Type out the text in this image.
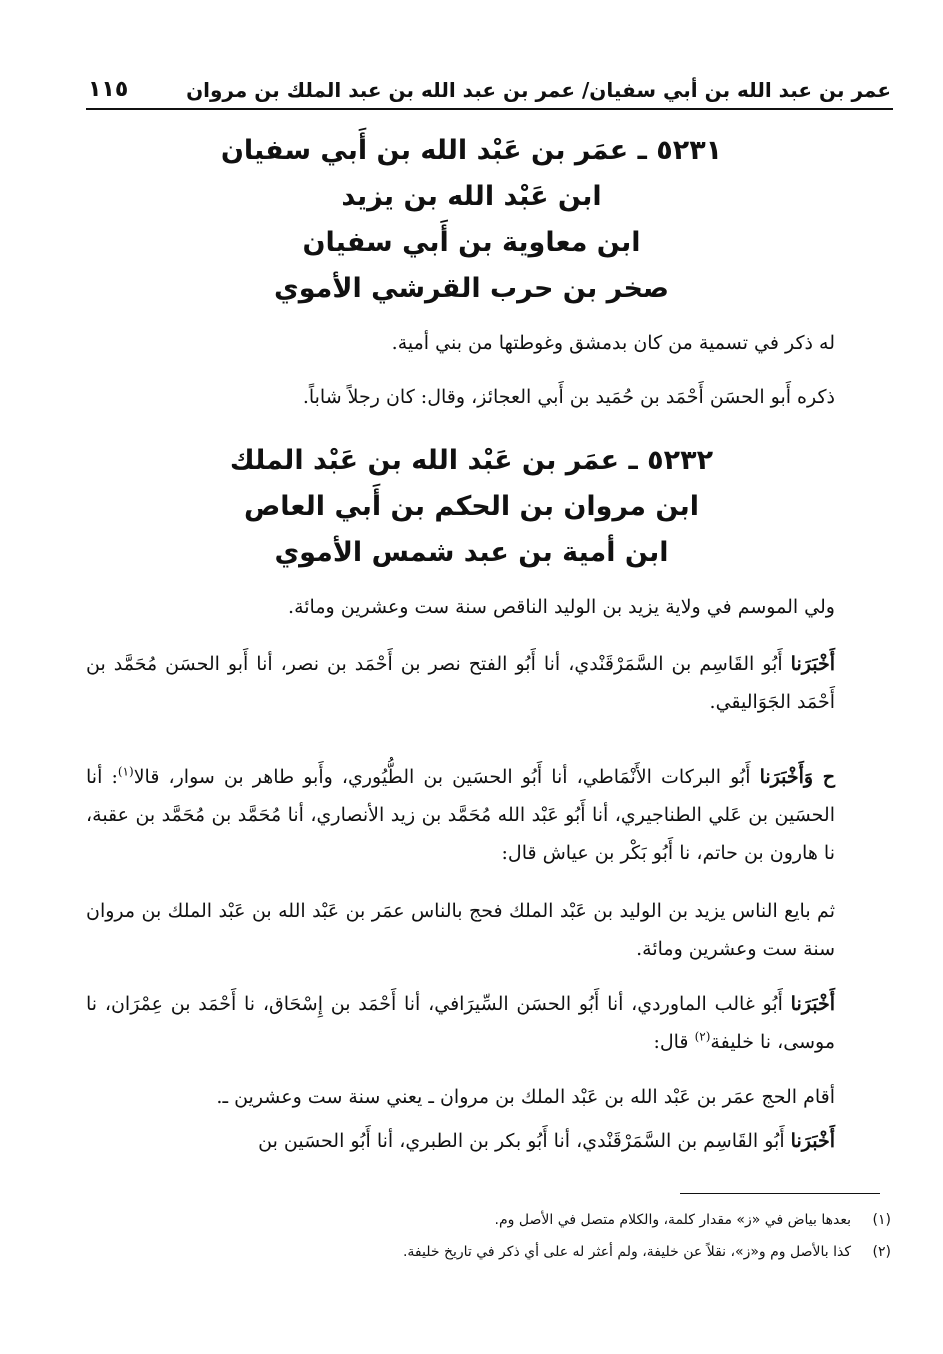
عمر بن عبد الله بن أبي سفيان/ عمر بن عبد الله بن عبد الملك بن مروان
١١٥
٥٢٣١ ـ عمَر بن عَبْد الله بن أَبي سفيان
ابن عَبْد الله بن يزيد
ابن معاوية بن أَبي سفيان
صخر بن حرب القرشي الأموي
له ذكر في تسمية من كان بدمشق وغوطتها من بني أمية.
ذكره أَبو الحسَن أَحْمَد بن حُمَيد بن أَبي العجائز، وقال: كان رجلاً شاباً.
٥٢٣٢ ـ عمَر بن عَبْد الله بن عَبْد الملك
ابن مروان بن الحكم بن أَبي العاص
ابن أمية بن عبد شمس الأموي
ولي الموسم في ولاية يزيد بن الوليد الناقص سنة ست وعشرين ومائة.
أَخْبَرَنا أَبُو القَاسِم بن السَّمَرْقَنْدي، أنا أَبُو الفتح نصر بن أَحْمَد بن نصر، أنا أَبو الحسَن مُحَمَّد بن أَحْمَد الجَوَاليقي.
ح وَأَخْبَرَنا أَبُو البركات الأَنْمَاطي، أنا أَبُو الحسَين بن الطُّيُوري، وأَبو طاهر بن سوار، قالا$^{(١)}$: أنا الحسَين بن عَلي الطناجيري، أنا أَبُو عَبْد الله مُحَمَّد بن زيد الأنصاري، أنا مُحَمَّد بن مُحَمَّد بن عقبة، نا هارون بن حاتم، نا أَبُو بَكْر بن عياش قال:
ثم بايع الناس يزيد بن الوليد بن عَبْد الملك فحج بالناس عمَر بن عَبْد الله بن عَبْد الملك بن مروان سنة ست وعشرين ومائة.
أَخْبَرَنا أَبُو غالب الماوردي، أنا أَبُو الحسَن السِّيرَافي، أنا أَحْمَد بن إِسْحَاق، نا أَحْمَد بن عِمْرَان، نا موسى، نا خليفة$^{(٢)}$ قال:
أقام الحج عمَر بن عَبْد الله بن عَبْد الملك بن مروان ـ يعني سنة ست وعشرين ـ.
أَخْبَرَنا أَبُو القَاسِم بن السَّمَرْقَنْدي، أنا أَبُو بكر بن الطبري، أنا أَبُو الحسَين بن
(١)بعدها بياض في «ز» مقدار كلمة، والكلام متصل في الأصل وم.
(٢)كذا بالأصل وم و«ز»، نقلاً عن خليفة، ولم أعثر له على أي ذكر في تاريخ خليفة.
